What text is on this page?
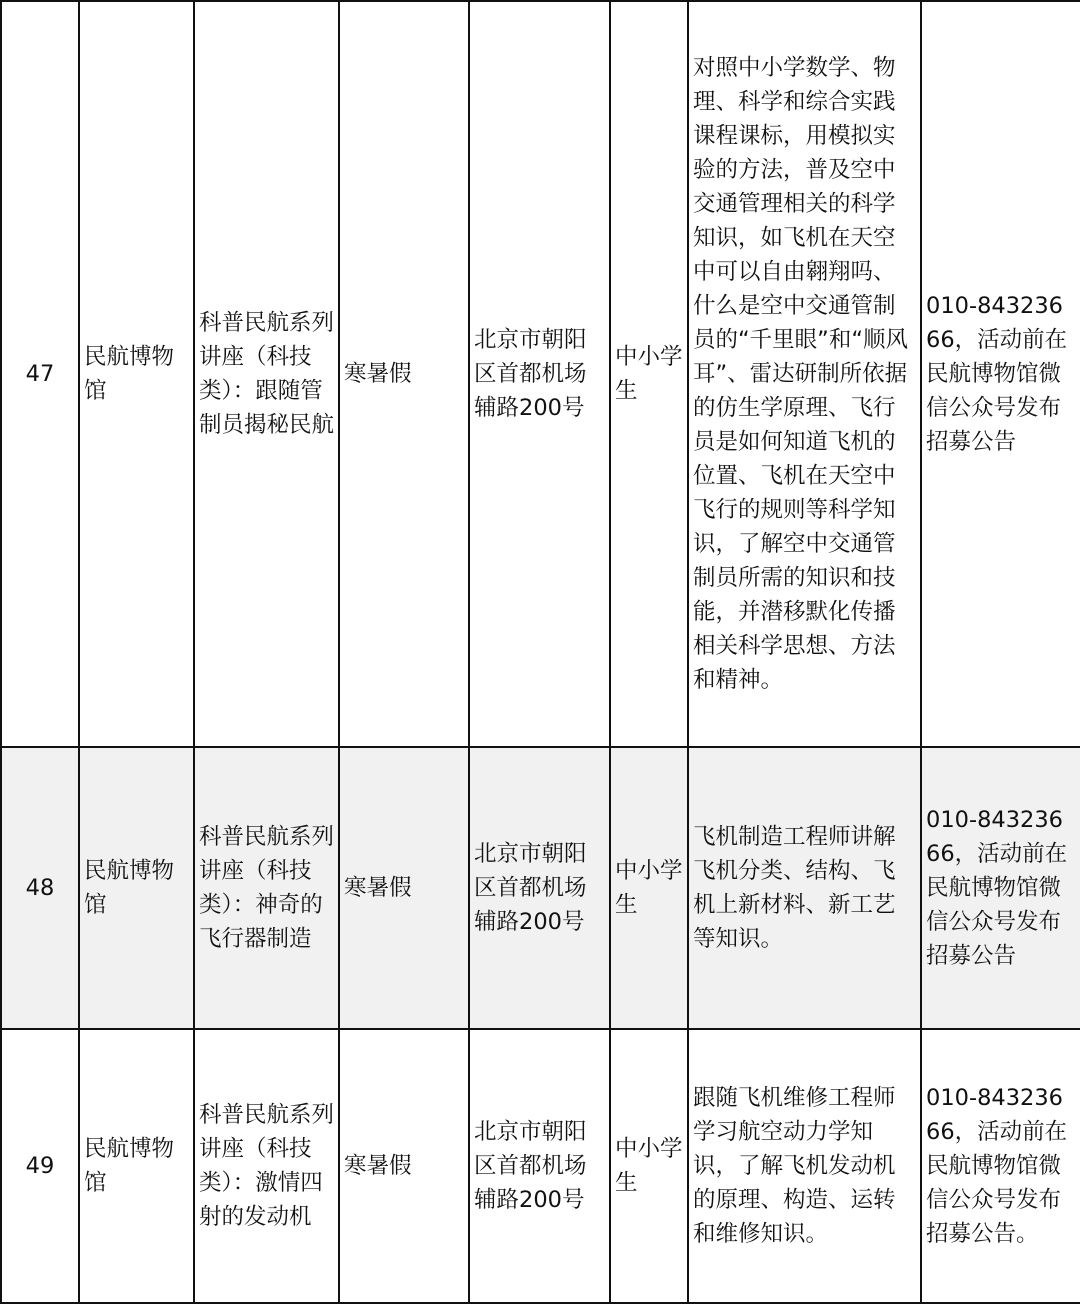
47	民航博物馆	科普民航系列讲座（科技类）：跟随管制员揭秘民航	寒暑假	北京市朝阳区首都机场辅路200号	中小学生	对照中小学数学、物理、科学和综合实践课程课标，用模拟实验的方法，普及空中交通管理相关的科学知识，如飞机在天空中可以自由翱翔吗、什么是空中交通管制员的“千里眼”和“顺风耳”、雷达研制所依据的仿生学原理、飞行员是如何知道飞机的位置、飞机在天空中飞行的规则等科学知识，了解空中交通管制员所需的知识和技能，并潜移默化传播相关科学思想、方法和精神。	010-84323666，活动前在民航博物馆微信公众号发布招募公告

48	民航博物馆	科普民航系列讲座（科技类）：神奇的飞行器制造	寒暑假	北京市朝阳区首都机场辅路200号	中小学生	飞机制造工程师讲解飞机分类、结构、飞机上新材料、新工艺等知识。	010-84323666，活动前在民航博物馆微信公众号发布招募公告

49	民航博物馆	科普民航系列讲座（科技类）：激情四射的发动机	寒暑假	北京市朝阳区首都机场辅路200号	中小学生	跟随飞机维修工程师学习航空动力学知识，了解飞机发动机的原理、构造、运转和维修知识。	010-84323666，活动前在民航博物馆微信公众号发布招募公告。
